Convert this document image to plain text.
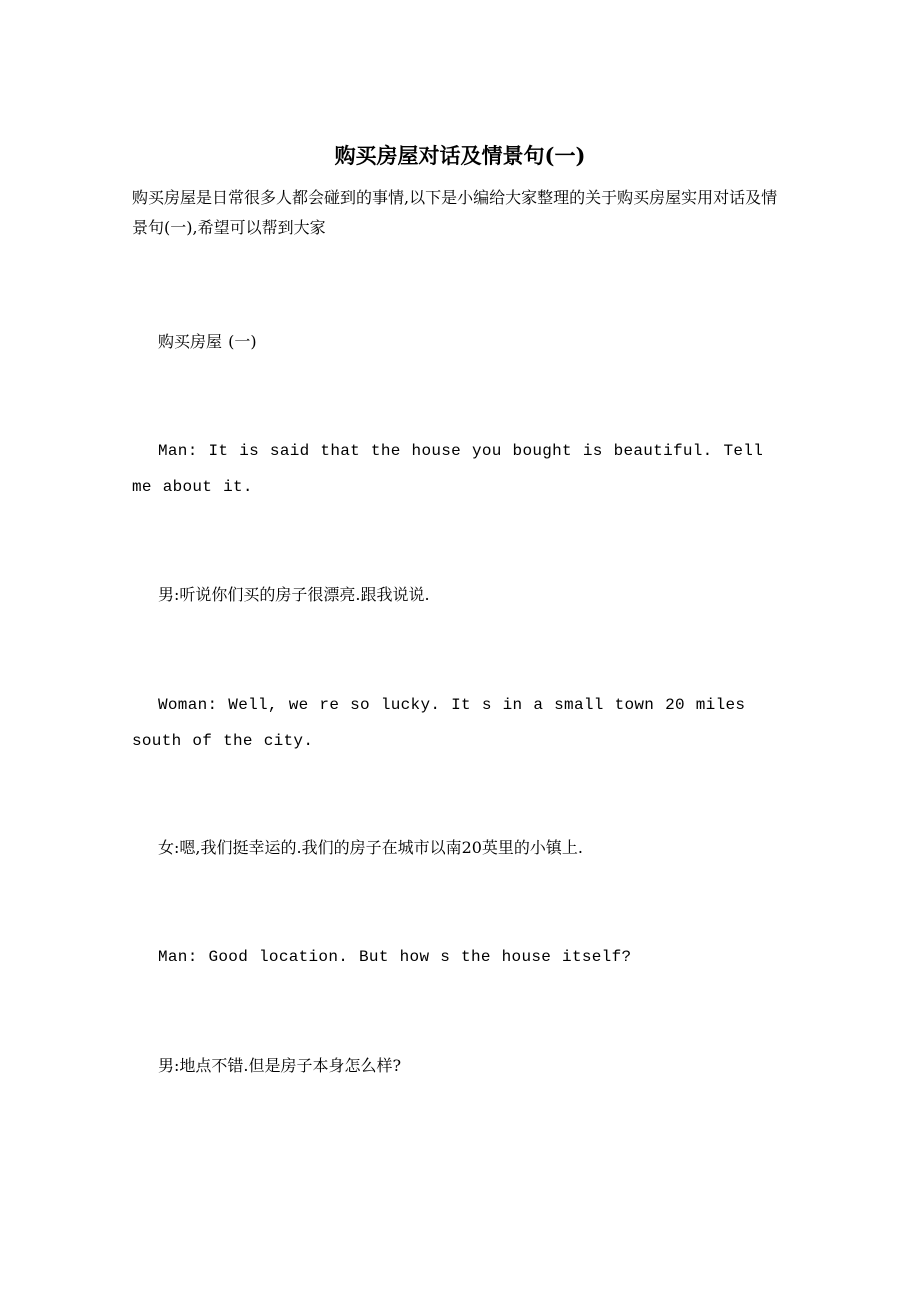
购买房屋对话及情景句(一)

购买房屋是日常很多人都会碰到的事情,以下是小编给大家整理的关于购买房屋实用对话及情景句(一),希望可以帮到大家

购买房屋 (一)

Man: It is said that the house you bought is beautiful. Tell me about it.

男:听说你们买的房子很漂亮.跟我说说.

Woman: Well, we re so lucky. It s in a small town 20 miles south of the city.

女:嗯,我们挺幸运的.我们的房子在城市以南20英里的小镇上.

Man: Good location. But how s the house itself?

男:地点不错.但是房子本身怎么样?
